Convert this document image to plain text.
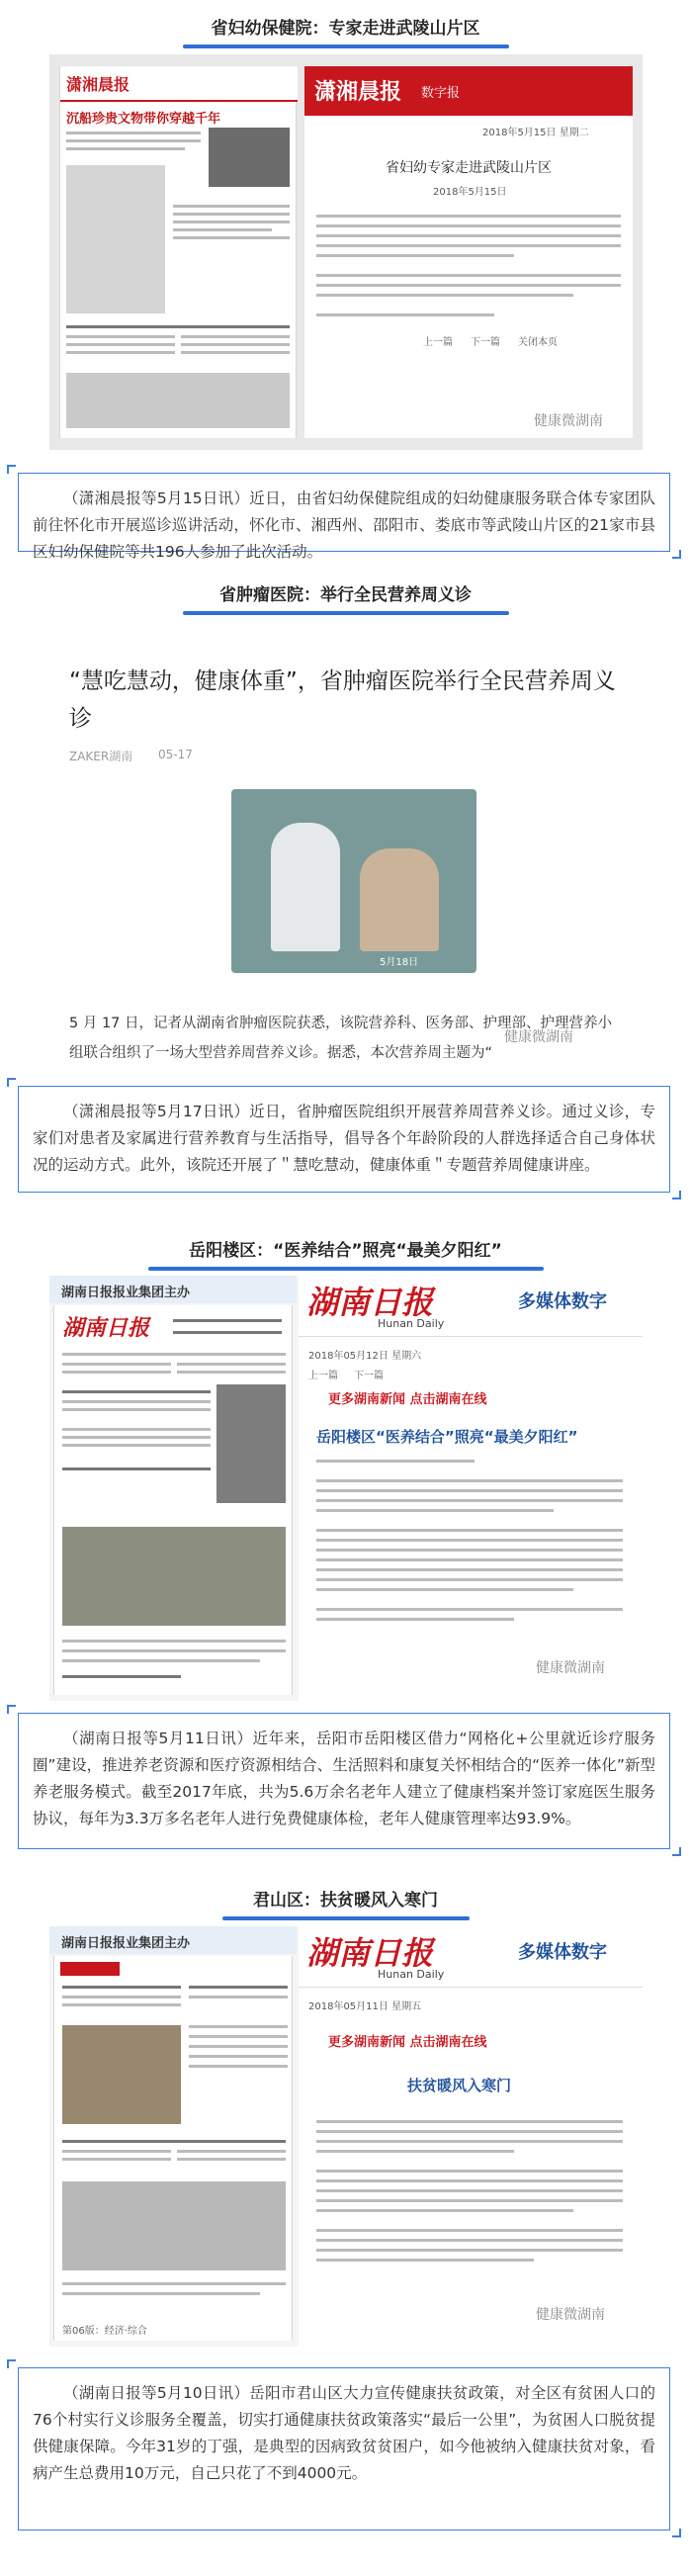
省妇幼保健院：专家走进武陵山片区
潇湘晨报
沉船珍贵文物带你穿越千年
潇湘晨报 数字报
2018年5月15日 星期二
省妇幼专家走进武陵山片区
2018年5月15日
上一篇 下一篇 关闭本页
健康微湖南
（潇湘晨报等5月15日讯）近日，由省妇幼保健院组成的妇幼健康服务联合体专家团队前往怀化市开展巡诊巡讲活动，怀化市、湘西州、邵阳市、娄底市等武陵山片区的21家市县区妇幼保健院等共196人参加了此次活动。
省肿瘤医院：举行全民营养周义诊
“慧吃慧动，健康体重”，省肿瘤医院举行全民营养周义诊
ZAKER湖南 05-17
5月18日
5 月 17 日，记者从湖南省肿瘤医院获悉，该院营养科、医务部、护理部、护理营养小组联合组织了一场大型营养周营养义诊。据悉，本次营养周主题为“
健康微湖南
（潇湘晨报等5月17日讯）近日，省肿瘤医院组织开展营养周营养义诊。通过义诊，专家们对患者及家属进行营养教育与生活指导，倡导各个年龄阶段的人群选择适合自己身体状况的运动方式。此外，该院还开展了＂慧吃慧动，健康体重＂专题营养周健康讲座。
岳阳楼区：“医养结合”照亮“最美夕阳红”
湖南日报报业集团主办
湖南日报
湖南日报
Hunan Daily
多媒体数字
2018年05月12日 星期六
上一篇 下一篇
更多湖南新闻 点击湖南在线
岳阳楼区“医养结合”照亮“最美夕阳红”
健康微湖南
（湖南日报等5月11日讯）近年来，岳阳市岳阳楼区借力“网格化+公里就近诊疗服务圈”建设，推进养老资源和医疗资源相结合、生活照料和康复关怀相结合的“医养一体化”新型养老服务模式。截至2017年底，共为5.6万余名老年人建立了健康档案并签订家庭医生服务协议，每年为3.3万多名老年人进行免费健康体检，老年人健康管理率达93.9%。
君山区：扶贫暖风入寒门
湖南日报报业集团主办
第06版：经济·综合
湖南日报
Hunan Daily
多媒体数字
2018年05月11日 星期五
更多湖南新闻 点击湖南在线
扶贫暖风入寒门
健康微湖南
（湖南日报等5月10日讯）岳阳市君山区大力宣传健康扶贫政策，对全区有贫困人口的76个村实行义诊服务全覆盖，切实打通健康扶贫政策落实“最后一公里”，为贫困人口脱贫提供健康保障。今年31岁的丁强，是典型的因病致贫贫困户，如今他被纳入健康扶贫对象，看病产生总费用10万元，自己只花了不到4000元。
